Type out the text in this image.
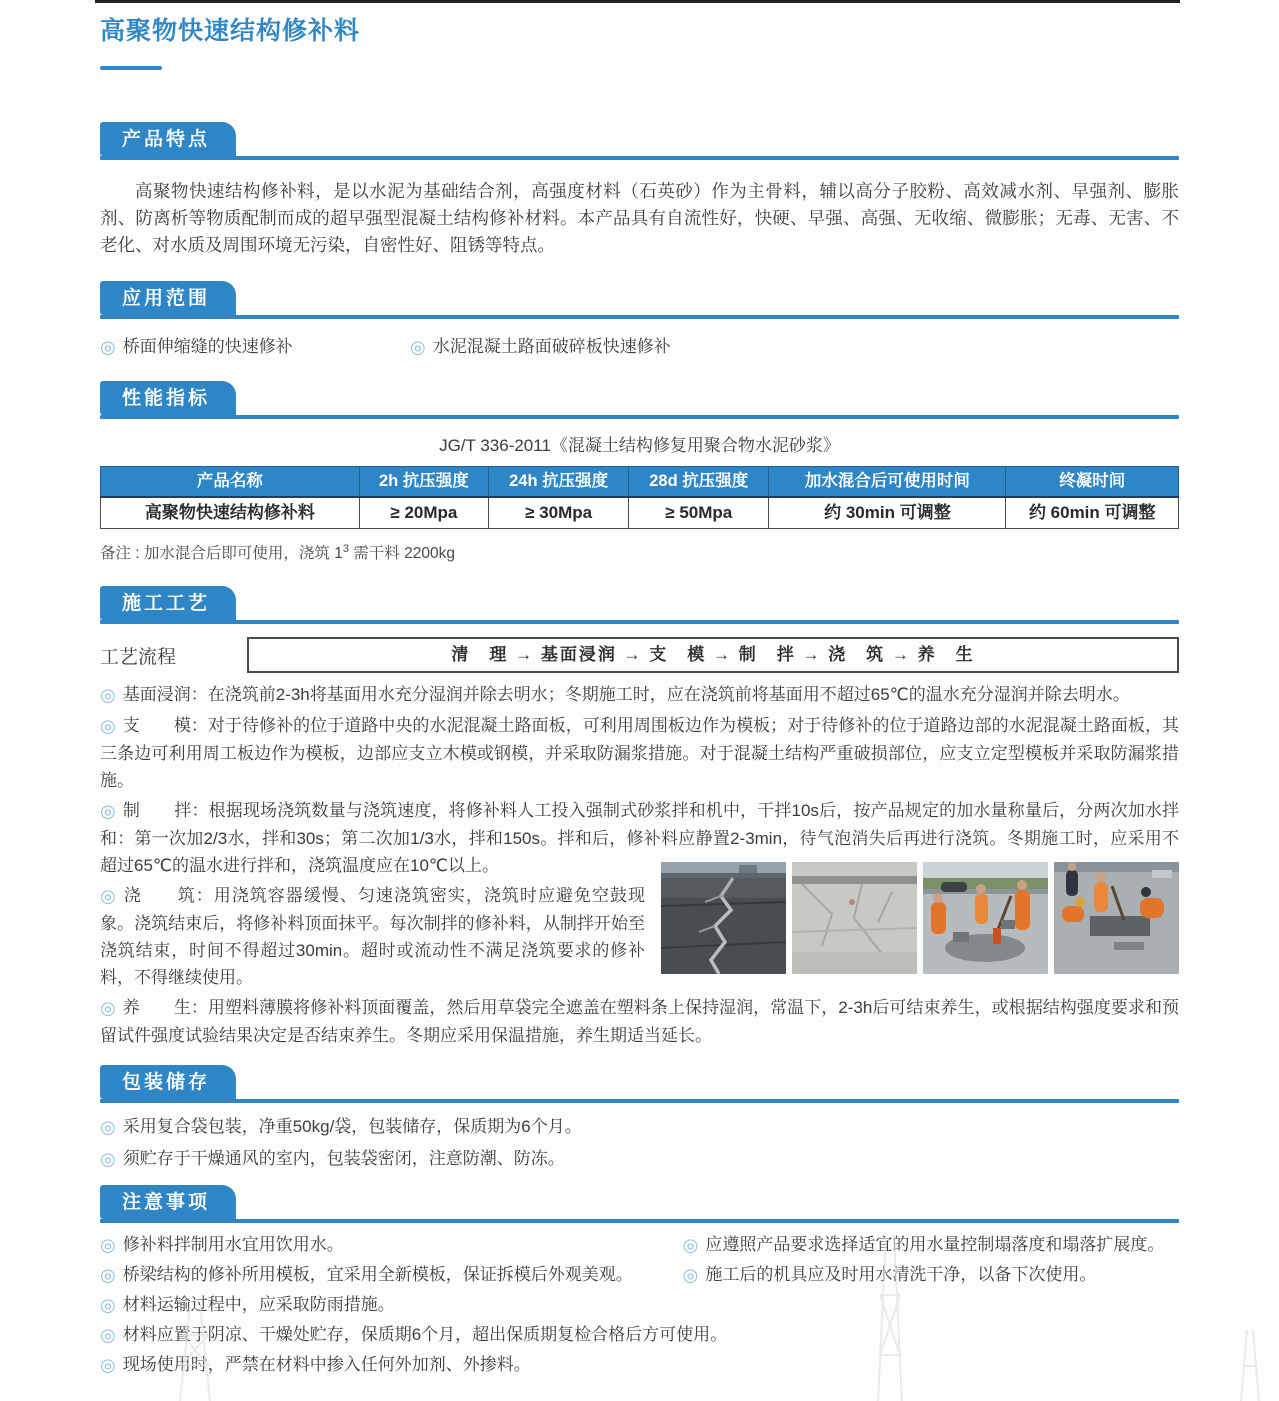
高聚物快速结构修补料
产品特点
高聚物快速结构修补料，是以水泥为基础结合剂，高强度材料（石英砂）作为主骨料，辅以高分子胶粉、高效减水剂、早强剂、膨胀剂、防离析等物质配制而成的超早强型混凝土结构修补材料。本产品具有自流性好，快硬、早强、高强、无收缩、微膨胀；无毒、无害、不老化、对水质及周围环境无污染，自密性好、阻锈等特点。
应用范围
◎ 桥面伸缩缝的快速修补	◎ 水泥混凝土路面破碎板快速修补
性能指标
JG/T 336-2011《混凝土结构修复用聚合物水泥砂浆》
产品名称	2h 抗压强度	24h 抗压强度	28d 抗压强度	加水混合后可使用时间	终凝时间
高聚物快速结构修补料	≥ 20Mpa	≥ 30Mpa	≥ 50Mpa	约 30min 可调整	约 60min 可调整
备注 : 加水混合后即可使用，浇筑 $1^3$ 需干料 2200kg
施工工艺
工艺流程	清　理 → 基面浸润 → 支　模 → 制　拌 → 浇　筑 → 养　生
◎ 基面浸润：在浇筑前2-3h将基面用水充分湿润并除去明水；冬期施工时，应在浇筑前将基面用不超过65℃的温水充分湿润并除去明水。
◎ 支　　模：对于待修补的位于道路中央的水泥混凝土路面板，可利用周围板边作为模板；对于待修补的位于道路边部的水泥混凝土路面板，其三条边可利用周工板边作为模板，边部应支立木模或钢模，并采取防漏浆措施。对于混凝土结构严重破损部位，应支立定型模板并采取防漏浆措施。
◎ 制　　拌：根据现场浇筑数量与浇筑速度，将修补料人工投入强制式砂浆拌和机中，干拌10s后，按产品规定的加水量称量后，分两次加水拌和：第一次加2/3水，拌和30s；第二次加1/3水，拌和150s。拌和后，修补料应静置2-3min，待气泡消失后再进行浇筑。冬期施工时，应采用不超过65℃的温水进行拌和，浇筑温度应在10℃以上。
◎ 浇　　筑：用浇筑容器缓慢、匀速浇筑密实，浇筑时应避免空鼓现象。浇筑结束后，将修补料顶面抹平。每次制拌的修补料，从制拌开始至浇筑结束，时间不得超过30min。超时或流动性不满足浇筑要求的修补料，不得继续使用。
◎ 养　　生：用塑料薄膜将修补料顶面覆盖，然后用草袋完全遮盖在塑料条上保持湿润，常温下，2-3h后可结束养生，或根据结构强度要求和预留试件强度试验结果决定是否结束养生。冬期应采用保温措施，养生期适当延长。
包装储存
◎ 采用复合袋包装，净重50kg/袋，包装储存，保质期为6个月。
◎ 须贮存于干燥通风的室内，包装袋密闭，注意防潮、防冻。
注意事项
◎ 修补料拌制用水宜用饮用水。	◎ 应遵照产品要求选择适宜的用水量控制塌落度和塌落扩展度。
◎ 桥梁结构的修补所用模板，宜采用全新模板，保证拆模后外观美观。	◎ 施工后的机具应及时用水清洗干净，以备下次使用。
◎ 材料运输过程中，应采取防雨措施。
◎ 材料应置于阴凉、干燥处贮存，保质期6个月，超出保质期复检合格后方可使用。
◎ 现场使用时，严禁在材料中掺入任何外加剂、外掺料。
